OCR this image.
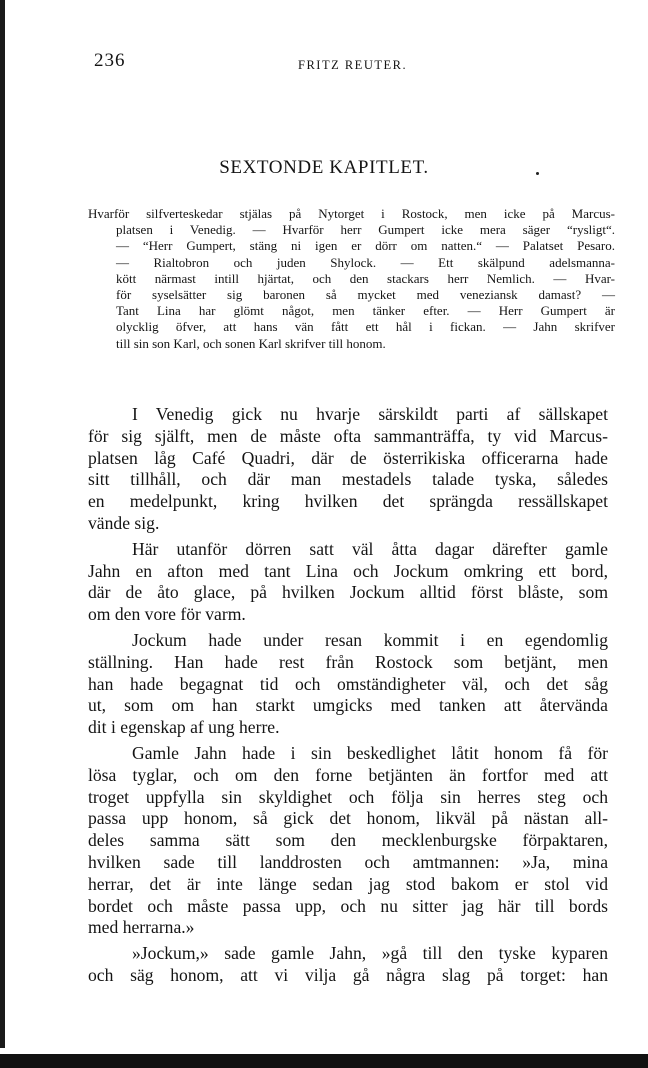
236	FRITZ REUTER.
SEXTONDE KAPITLET.
Hvarför silfverteskedar stjälas på Nytorget i Rostock, men icke på Marcus-
platsen i Venedig. — Hvarför herr Gumpert icke mera säger “rysligt“.
— “Herr Gumpert, stäng ni igen er dörr om natten.“ — Palatset Pesaro.
— Rialtobron och juden Shylock. — Ett skälpund adelsmanna-
kött närmast intill hjärtat, och den stackars herr Nemlich. — Hvar-
för syselsätter sig baronen så mycket med veneziansk damast? —
Tant Lina har glömt något, men tänker efter. — Herr Gumpert är
olycklig öfver, att hans vän fått ett hål i fickan. — Jahn skrifver
till sin son Karl, och sonen Karl skrifver till honom.

I Venedig gick nu hvarje särskildt parti af sällskapet
för sig själft, men de måste ofta sammanträffa, ty vid Marcus-
platsen låg Café Quadri, där de österrikiska officerarna hade
sitt tillhåll, och där man mestadels talade tyska, således
en medelpunkt, kring hvilken det sprängda ressällskapet
vände sig.

Här utanför dörren satt väl åtta dagar därefter gamle
Jahn en afton med tant Lina och Jockum omkring ett bord,
där de åto glace, på hvilken Jockum alltid först blåste, som
om den vore för varm.

Jockum hade under resan kommit i en egendomlig
ställning. Han hade rest från Rostock som betjänt, men
han hade begagnat tid och omständigheter väl, och det såg
ut, som om han starkt umgicks med tanken att återvända
dit i egenskap af ung herre.

Gamle Jahn hade i sin beskedlighet låtit honom få för
lösa tyglar, och om den forne betjänten än fortfor med att
troget uppfylla sin skyldighet och följa sin herres steg och
passa upp honom, så gick det honom, likväl på nästan all-
deles samma sätt som den mecklenburgske förpaktaren,
hvilken sade till landdrosten och amtmannen: »Ja, mina
herrar, det är inte länge sedan jag stod bakom er stol vid
bordet och måste passa upp, och nu sitter jag här till bords
med herrarna.»

»Jockum,» sade gamle Jahn, »gå till den tyske kyparen
och säg honom, att vi vilja gå några slag på torget: han
